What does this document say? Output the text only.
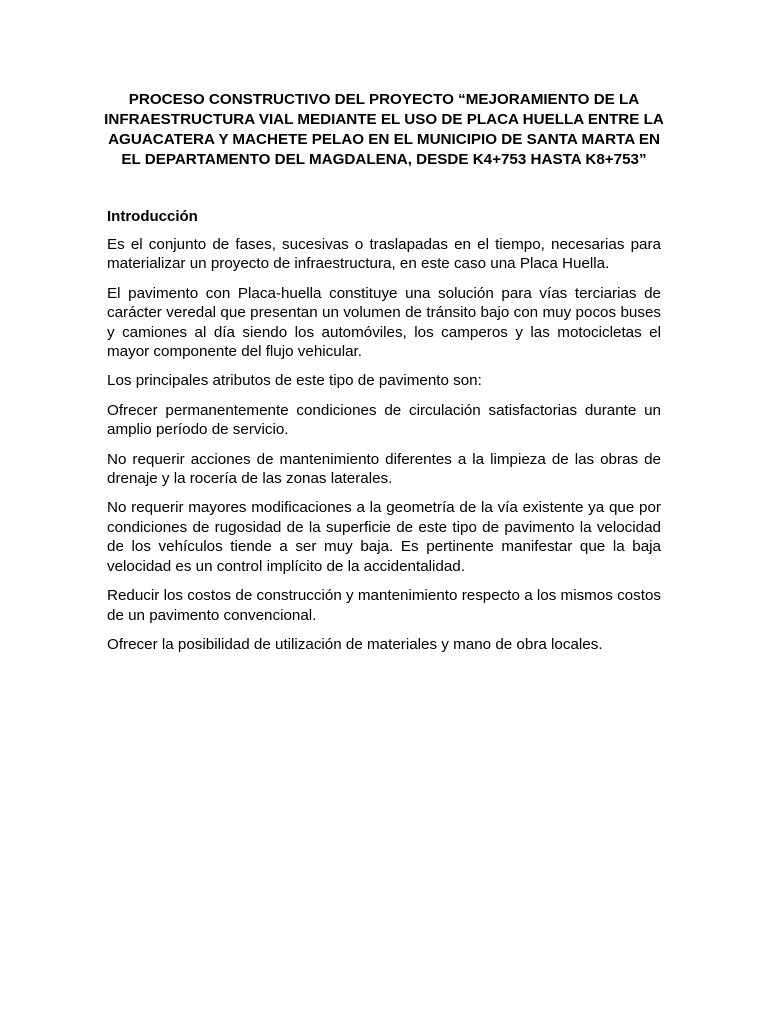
PROCESO CONSTRUCTIVO DEL PROYECTO “MEJORAMIENTO DE LA INFRAESTRUCTURA VIAL MEDIANTE EL USO DE PLACA HUELLA ENTRE LA AGUACATERA Y MACHETE PELAO EN EL MUNICIPIO DE SANTA MARTA EN EL DEPARTAMENTO DEL MAGDALENA, DESDE K4+753 HASTA K8+753”
Introducción

Es el conjunto de fases, sucesivas o traslapadas en el tiempo, necesarias para materializar un proyecto de infraestructura, en este caso una Placa Huella.

El pavimento con Placa-huella constituye una solución para vías terciarias de carácter veredal que presentan un volumen de tránsito bajo con muy pocos buses y camiones al día siendo los automóviles, los camperos y las motocicletas el mayor componente del flujo vehicular.

Los principales atributos de este tipo de pavimento son:

Ofrecer permanentemente condiciones de circulación satisfactorias durante un amplio período de servicio.

No requerir acciones de mantenimiento diferentes a la limpieza de las obras de drenaje y la rocería de las zonas laterales.

No requerir mayores modificaciones a la geometría de la vía existente ya que por condiciones de rugosidad de la superficie de este tipo de pavimento la velocidad de los vehículos tiende a ser muy baja. Es pertinente manifestar que la baja velocidad es un control implícito de la accidentalidad.

Reducir los costos de construcción y mantenimiento respecto a los mismos costos de un pavimento convencional.

Ofrecer la posibilidad de utilización de materiales y mano de obra locales.
